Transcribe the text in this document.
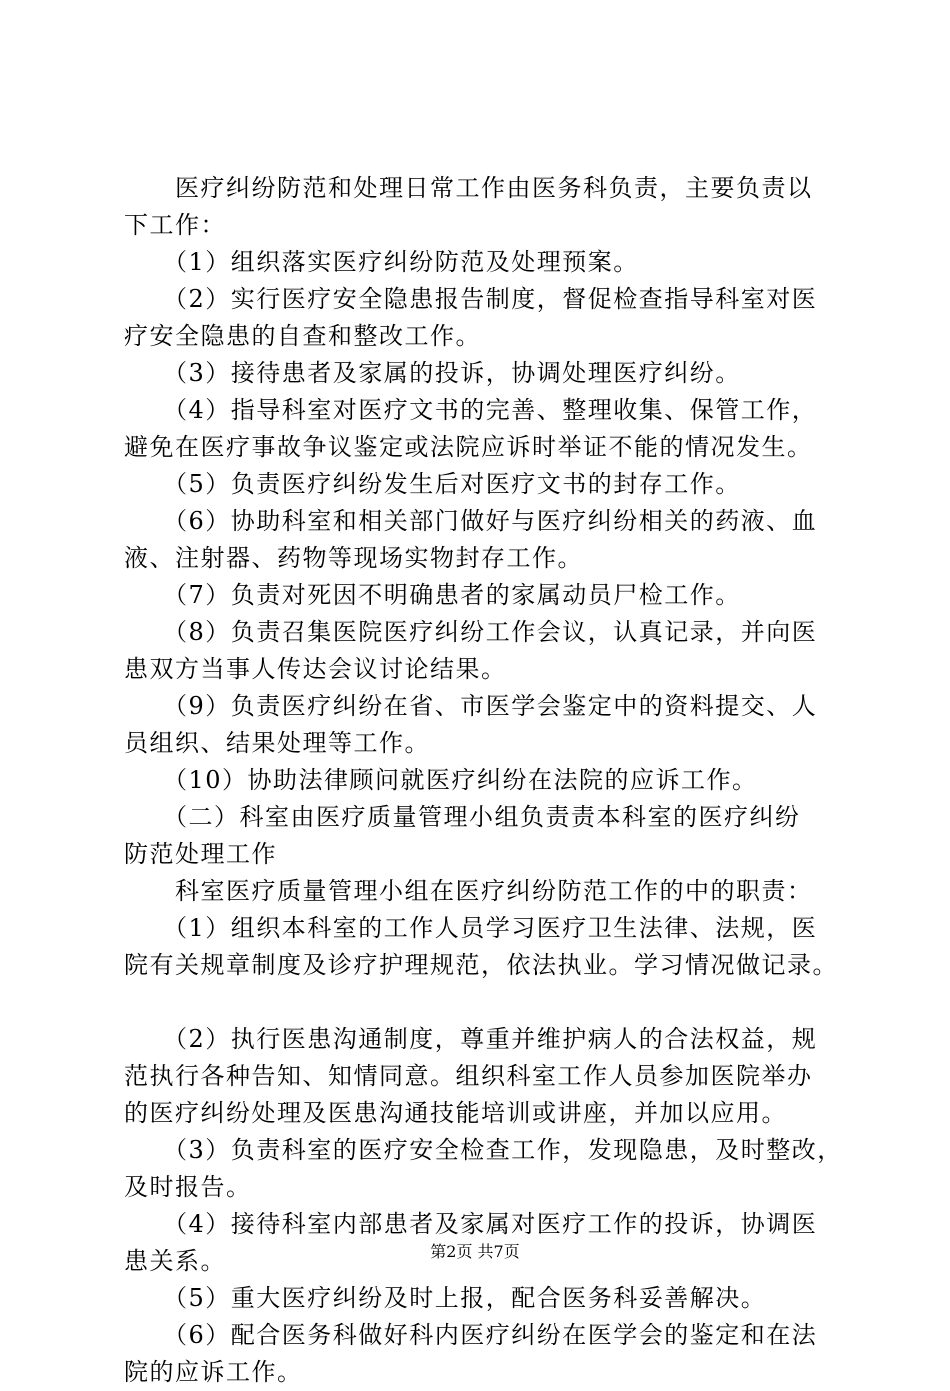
　　医疗纠纷防范和处理日常工作由医务科负责，主要负责以
下工作：
　　（1）组织落实医疗纠纷防范及处理预案。
　　（2）实行医疗安全隐患报告制度，督促检查指导科室对医
疗安全隐患的自查和整改工作。
　　（3）接待患者及家属的投诉，协调处理医疗纠纷。
　　（4）指导科室对医疗文书的完善、整理收集、保管工作，
避免在医疗事故争议鉴定或法院应诉时举证不能的情况发生。
　　（5）负责医疗纠纷发生后对医疗文书的封存工作。
　　（6）协助科室和相关部门做好与医疗纠纷相关的药液、血
液、注射器、药物等现场实物封存工作。
　　（7）负责对死因不明确患者的家属动员尸检工作。
　　（8）负责召集医院医疗纠纷工作会议，认真记录，并向医
患双方当事人传达会议讨论结果。
　　（9）负责医疗纠纷在省、市医学会鉴定中的资料提交、人
员组织、结果处理等工作。
　　（10）协助法律顾问就医疗纠纷在法院的应诉工作。
　　（二）科室由医疗质量管理小组负责责本科室的医疗纠纷
防范处理工作
　　科室医疗质量管理小组在医疗纠纷防范工作的中的职责：
　　（1）组织本科室的工作人员学习医疗卫生法律、法规，医
院有关规章制度及诊疗护理规范，依法执业。学习情况做记录。
　　（2）执行医患沟通制度，尊重并维护病人的合法权益，规
范执行各种告知、知情同意。组织科室工作人员参加医院举办
的医疗纠纷处理及医患沟通技能培训或讲座，并加以应用。
　　（3）负责科室的医疗安全检查工作，发现隐患，及时整改，
及时报告。
　　（4）接待科室内部患者及家属对医疗工作的投诉，协调医
患关系。
　　（5）重大医疗纠纷及时上报，配合医务科妥善解决。
　　（6）配合医务科做好科内医疗纠纷在医学会的鉴定和在法
院的应诉工作。
第2页 共7页
